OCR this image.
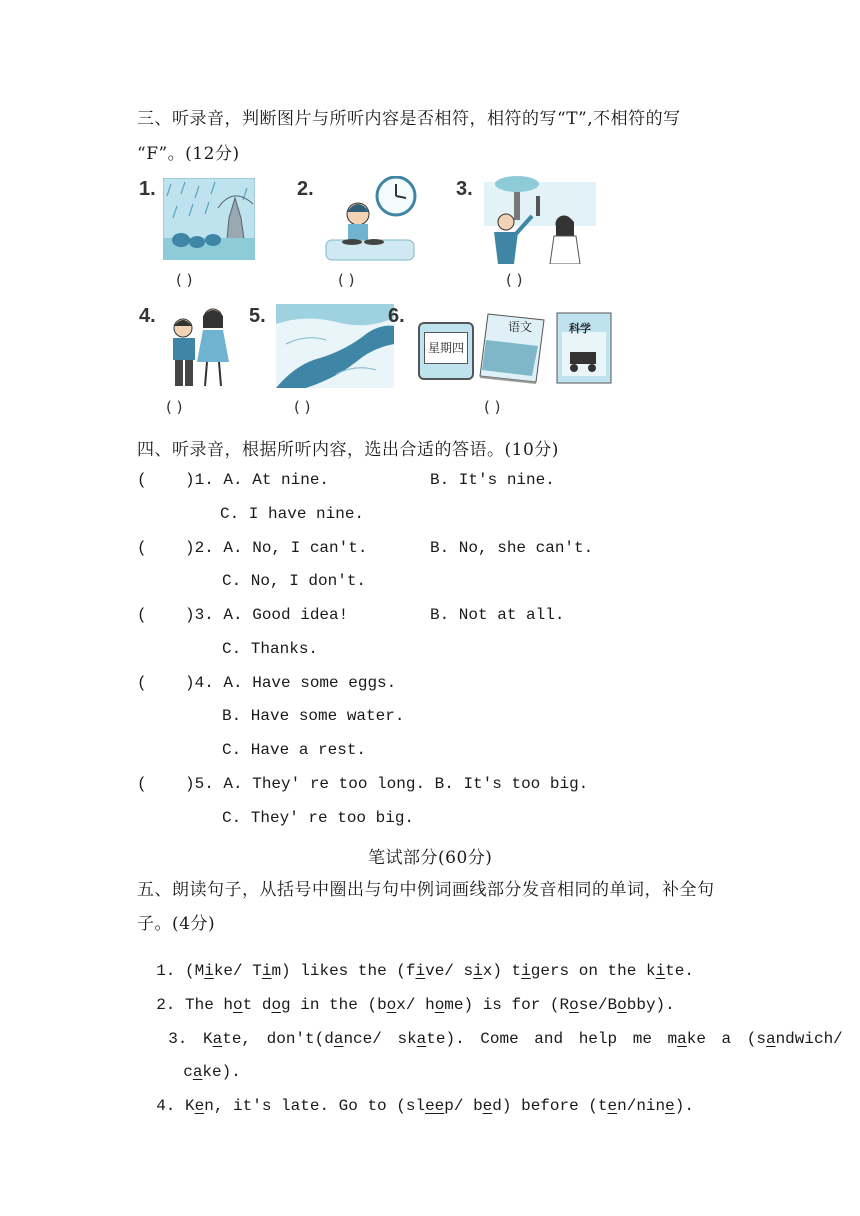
三、听录音，判断图片与所听内容是否相符，相符的写“T”,不相符的写
“F”。(12分)
1.
( )
2.
( )
3.
( )
4.
( )
5.
( )
6.
星期四
语文	科学
( )
四、听录音，根据所听内容，选出合适的答语。(10分)
(    )1. A. At nine.	B. It's nine.
C. I have nine.
(    )2. A. No, I can't.	B. No, she can't.
C. No, I don't.
(    )3. A. Good idea!	B. Not at all.
C. Thanks.
(    )4. A. Have some eggs.
B. Have some water.
C. Have a rest.
(    )5. A. They' re too long. B. It's too big.
C. They' re too big.
笔试部分(60分)
五、朗读句子，从括号中圈出与句中例词画线部分发音相同的单词，补全句
子。(4分)

1. (Mike/ Tim) likes the (five/ six) tigers on the kite.

2. The hot dog in the (box/ home) is for (Rose/Bobby).

3. Kate, don't(dance/ skate). Come and help me make a (sandwich/

cake).

4. Ken, it's late. Go to (sleep/ bed) before (ten/nine).
